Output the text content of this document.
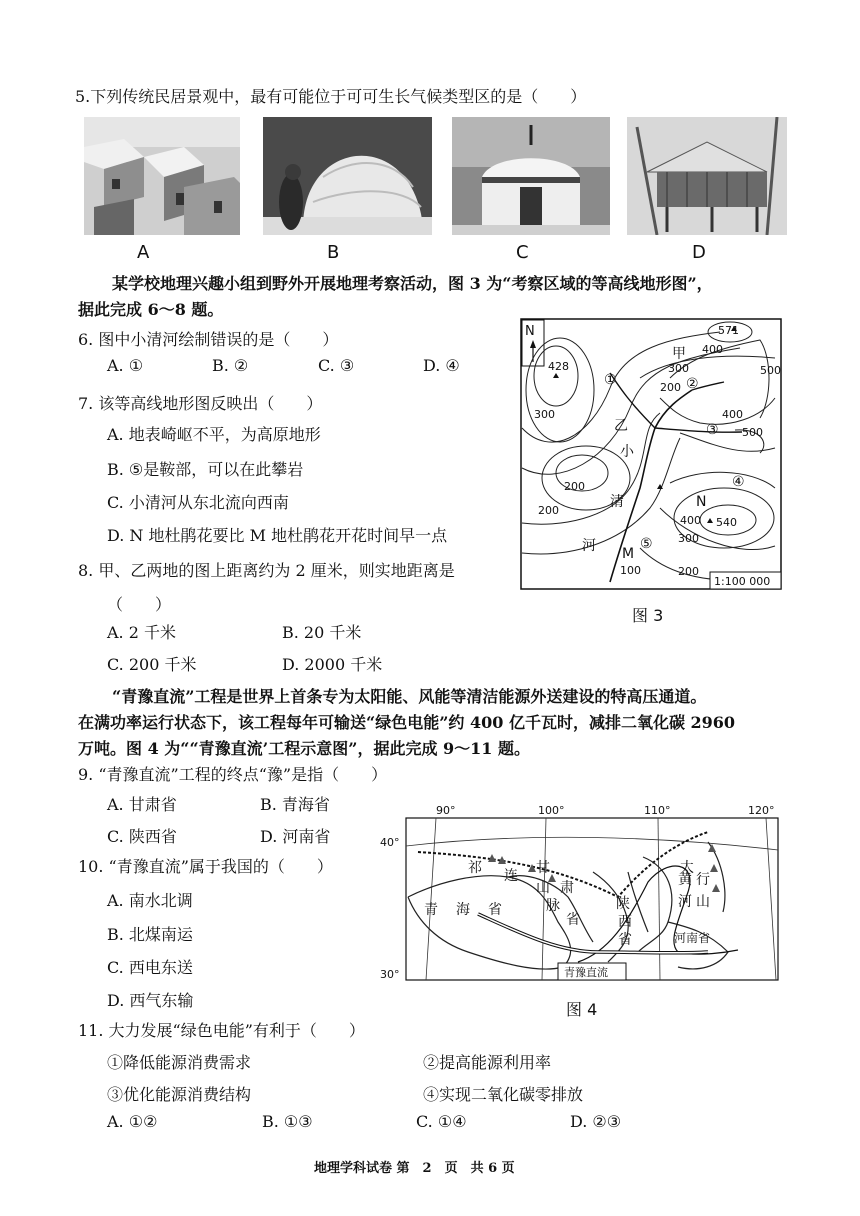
5.下列传统民居景观中，最有可能位于可可生长气候类型区的是（　　）
A	B	C	D
某学校地理兴趣小组到野外开展地理考察活动，图 3 为“考察区域的等高线地形图”，
据此完成 6～8 题。
6. 图中小清河绘制错误的是（　　）
A. ①	B. ②	C. ③	D. ④
7. 该等高线地形图反映出（　　）
A. 地表崎岖不平，为高原地形
B. ⑤是鞍部，可以在此攀岩
C. 小清河从东北流向西南
D. N 地杜鹃花要比 M 地杜鹃花开花时间早一点
8. 甲、乙两地的图上距离约为 2 厘米，则实地距离是
（　　）
A. 2 千米	B. 20 千米
C. 200 千米	D. 2000 千米
N	571
428
540
400
500
200
300
400
500
300
200
400
300
100	200
200
甲
乙
N
M
小
清
河
①	②
③
④
⑤
1:100 000
图 3
“青豫直流”工程是世界上首条专为太阳能、风能等清洁能源外送建设的特高压通道。
在满功率运行状态下，该工程每年可输送“绿色电能”约 400 亿千瓦时，减排二氧化碳 2960
万吨。图 4 为““青豫直流’工程示意图”，据此完成 9～11 题。
9. “青豫直流”工程的终点“豫”是指（　　）
A. 甘肃省	B. 青海省
C. 陕西省	D. 河南省
10. “青豫直流”属于我国的（　　）
A. 南水北调
B. 北煤南运
C. 西电东送
D. 西气东输
90°	100°	110°	120°
40°
30°
祁 连 甘
山
脉
肃
省
青 海 省	陕
西
省
太
行
山
黄
河
河南省
青豫直流
图 4
11. 大力发展“绿色电能”有利于（　　）
①降低能源消费需求	②提高能源利用率
③优化能源消费结构	④实现二氧化碳零排放
A. ①②	B. ①③	C. ①④	D. ②③
地理学科试卷 第　2　页　共 6 页
